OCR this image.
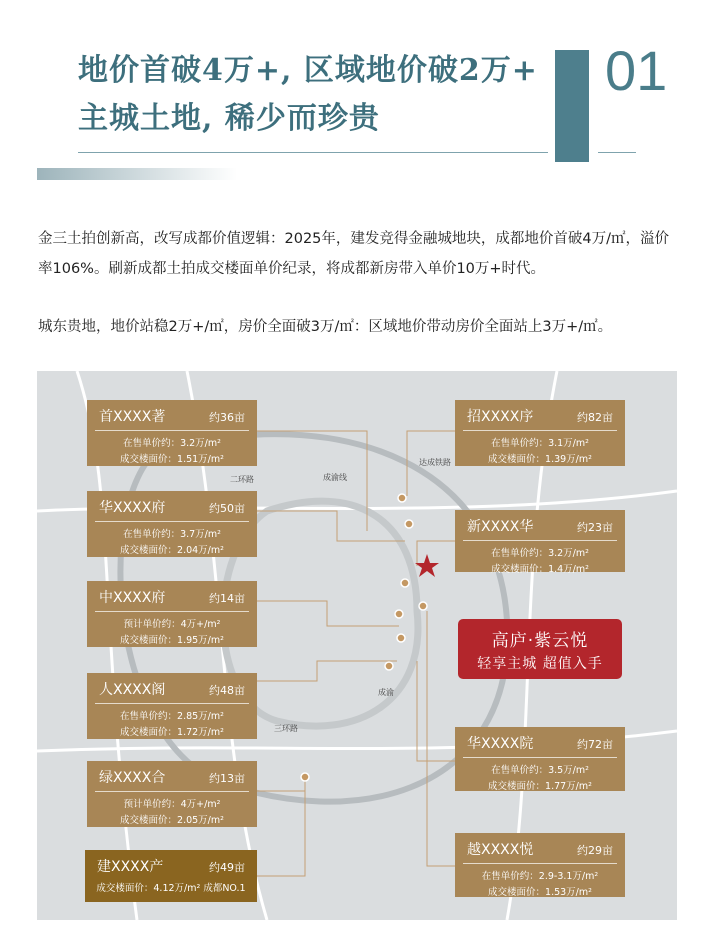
地价首破4万+, 区域地价破2万+
主城土地, 稀少而珍贵
01
金三土拍创新高，改写成都价值逻辑：2025年，建发竞得金融城地块，成都地价首破4万/㎡，溢价率106%。刷新成都土拍成交楼面单价纪录，将成都新房带入单价10万+时代。
城东贵地，地价站稳2万+/㎡，房价全面破3万/㎡：区域地价带动房价全面站上3万+/㎡。
二环路
三环路
成渝线
达成铁路
成渝
首XXXX著	约36亩
在售单价约：3.2万/m²
成交楼面价：1.51万/m²
华XXXX府	约50亩
在售单价约：3.7万/m²
成交楼面价：2.04万/m²
中XXXX府	约14亩
预计单价约：4万+/m²
成交楼面价：1.95万/m²
人XXXX阁	约48亩
在售单价约：2.85万/m²
成交楼面价：1.72万/m²
绿XXXX合	约13亩
预计单价约：4万+/m²
成交楼面价：2.05万/m²
建XXXX产	约49亩
成交楼面价：4.12万/m² 成都NO.1
招XXXX序	约82亩
在售单价约：3.1万/m²
成交楼面价：1.39万/m²
新XXXX华	约23亩
在售单价约：3.2万/m²
成交楼面价：1.4万/m²
高庐·紫云悦
轻享主城 超值入手
华XXXX院	约72亩
在售单价约：3.5万/m²
成交楼面价：1.77万/m²
越XXXX悦	约29亩
在售单价约：2.9-3.1万/m²
成交楼面价：1.53万/m²
